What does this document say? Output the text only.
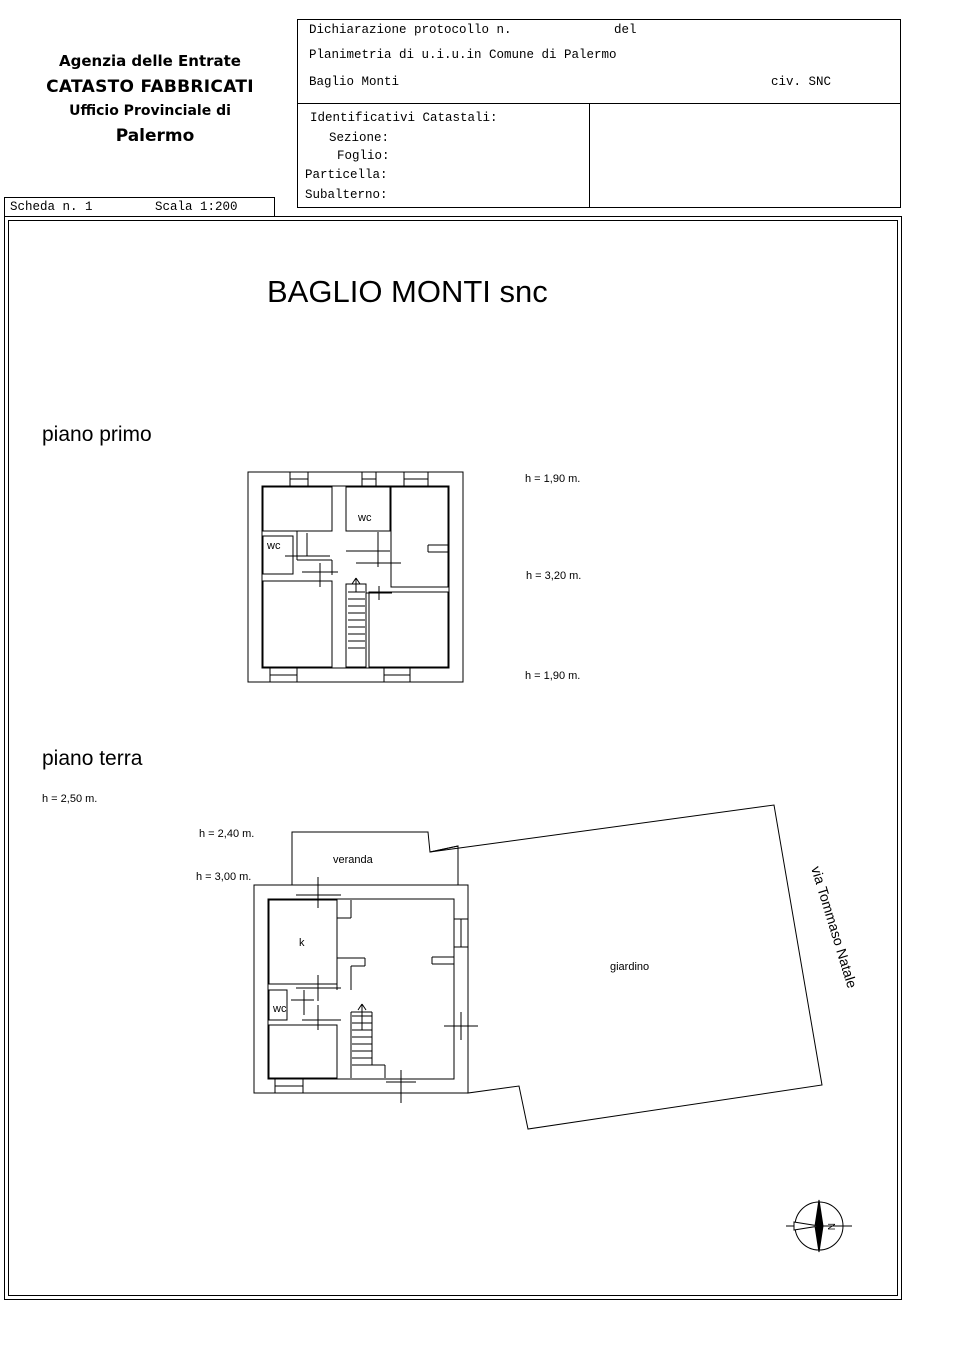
Agenzia delle Entrate
CATASTO FABBRICATI
Ufficio Provinciale di
Palermo
Dichiarazione protocollo n.	del
Planimetria di u.i.u.in Comune di Palermo
Baglio Monti	civ. SNC
Identificativi Catastali:
Sezione:
Foglio:
Particella:
Subalterno:
Scheda n. 1	Scala 1:200
BAGLIO MONTI snc
piano primo
wc
wc
h = 1,90 m.
h = 3,20 m.
h = 1,90 m.
piano terra
h = 2,50 m.
h = 2,40 m.
h = 3,00 m.
veranda
k
wc
giardino	via Tommaso Natale
N
